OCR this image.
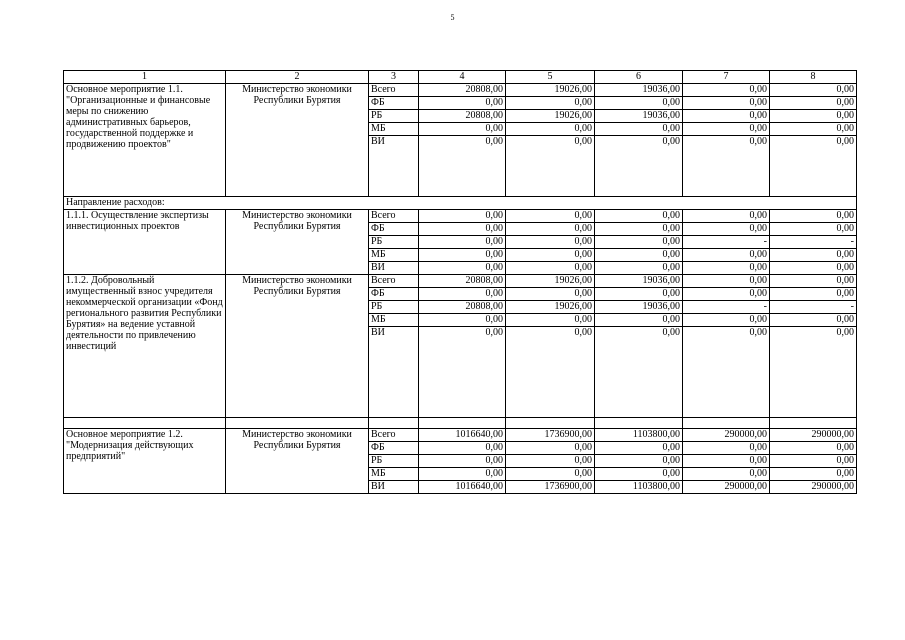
5
1	2	3	4	5	6	7	8
Основное мероприятие 1.1. "Организационные и финансовые меры по снижению административных барьеров, государственной поддержке и продвижению проектов"	Министерство экономики Республики Бурятия	Всего	20808,00	19026,00	19036,00	0,00	0,00
		ФБ	0,00	0,00	0,00	0,00	0,00
		РБ	20808,00	19026,00	19036,00	0,00	0,00
		МБ	0,00	0,00	0,00	0,00	0,00
		ВИ	0,00	0,00	0,00	0,00	0,00
Направление расходов:							
1.1.1. Осуществление экспертизы инвестиционных проектов	Министерство экономики Республики Бурятия	Всего	0,00	0,00	0,00	0,00	0,00
		ФБ	0,00	0,00	0,00	0,00	0,00
		РБ	0,00	0,00	0,00	-	-
		МБ	0,00	0,00	0,00	0,00	0,00
		ВИ	0,00	0,00	0,00	0,00	0,00
1.1.2. Добровольный имущественный взнос учредителя некоммерческой организации «Фонд регионального развития Республики Бурятия» на ведение уставной деятельности по привлечению инвестиций	Министерство экономики Республики Бурятия	Всего	20808,00	19026,00	19036,00	0,00	0,00
		ФБ	0,00	0,00	0,00	0,00	0,00
		РБ	20808,00	19026,00	19036,00	-	-
		МБ	0,00	0,00	0,00	0,00	0,00
		ВИ	0,00	0,00	0,00	0,00	0,00

Основное мероприятие 1.2. "Модернизация действующих предприятий"	Министерство экономики Республики Бурятия	Всего	1016640,00	1736900,00	1103800,00	290000,00	290000,00
		ФБ	0,00	0,00	0,00	0,00	0,00
		РБ	0,00	0,00	0,00	0,00	0,00
		МБ	0,00	0,00	0,00	0,00	0,00
		ВИ	1016640,00	1736900,00	1103800,00	290000,00	290000,00
